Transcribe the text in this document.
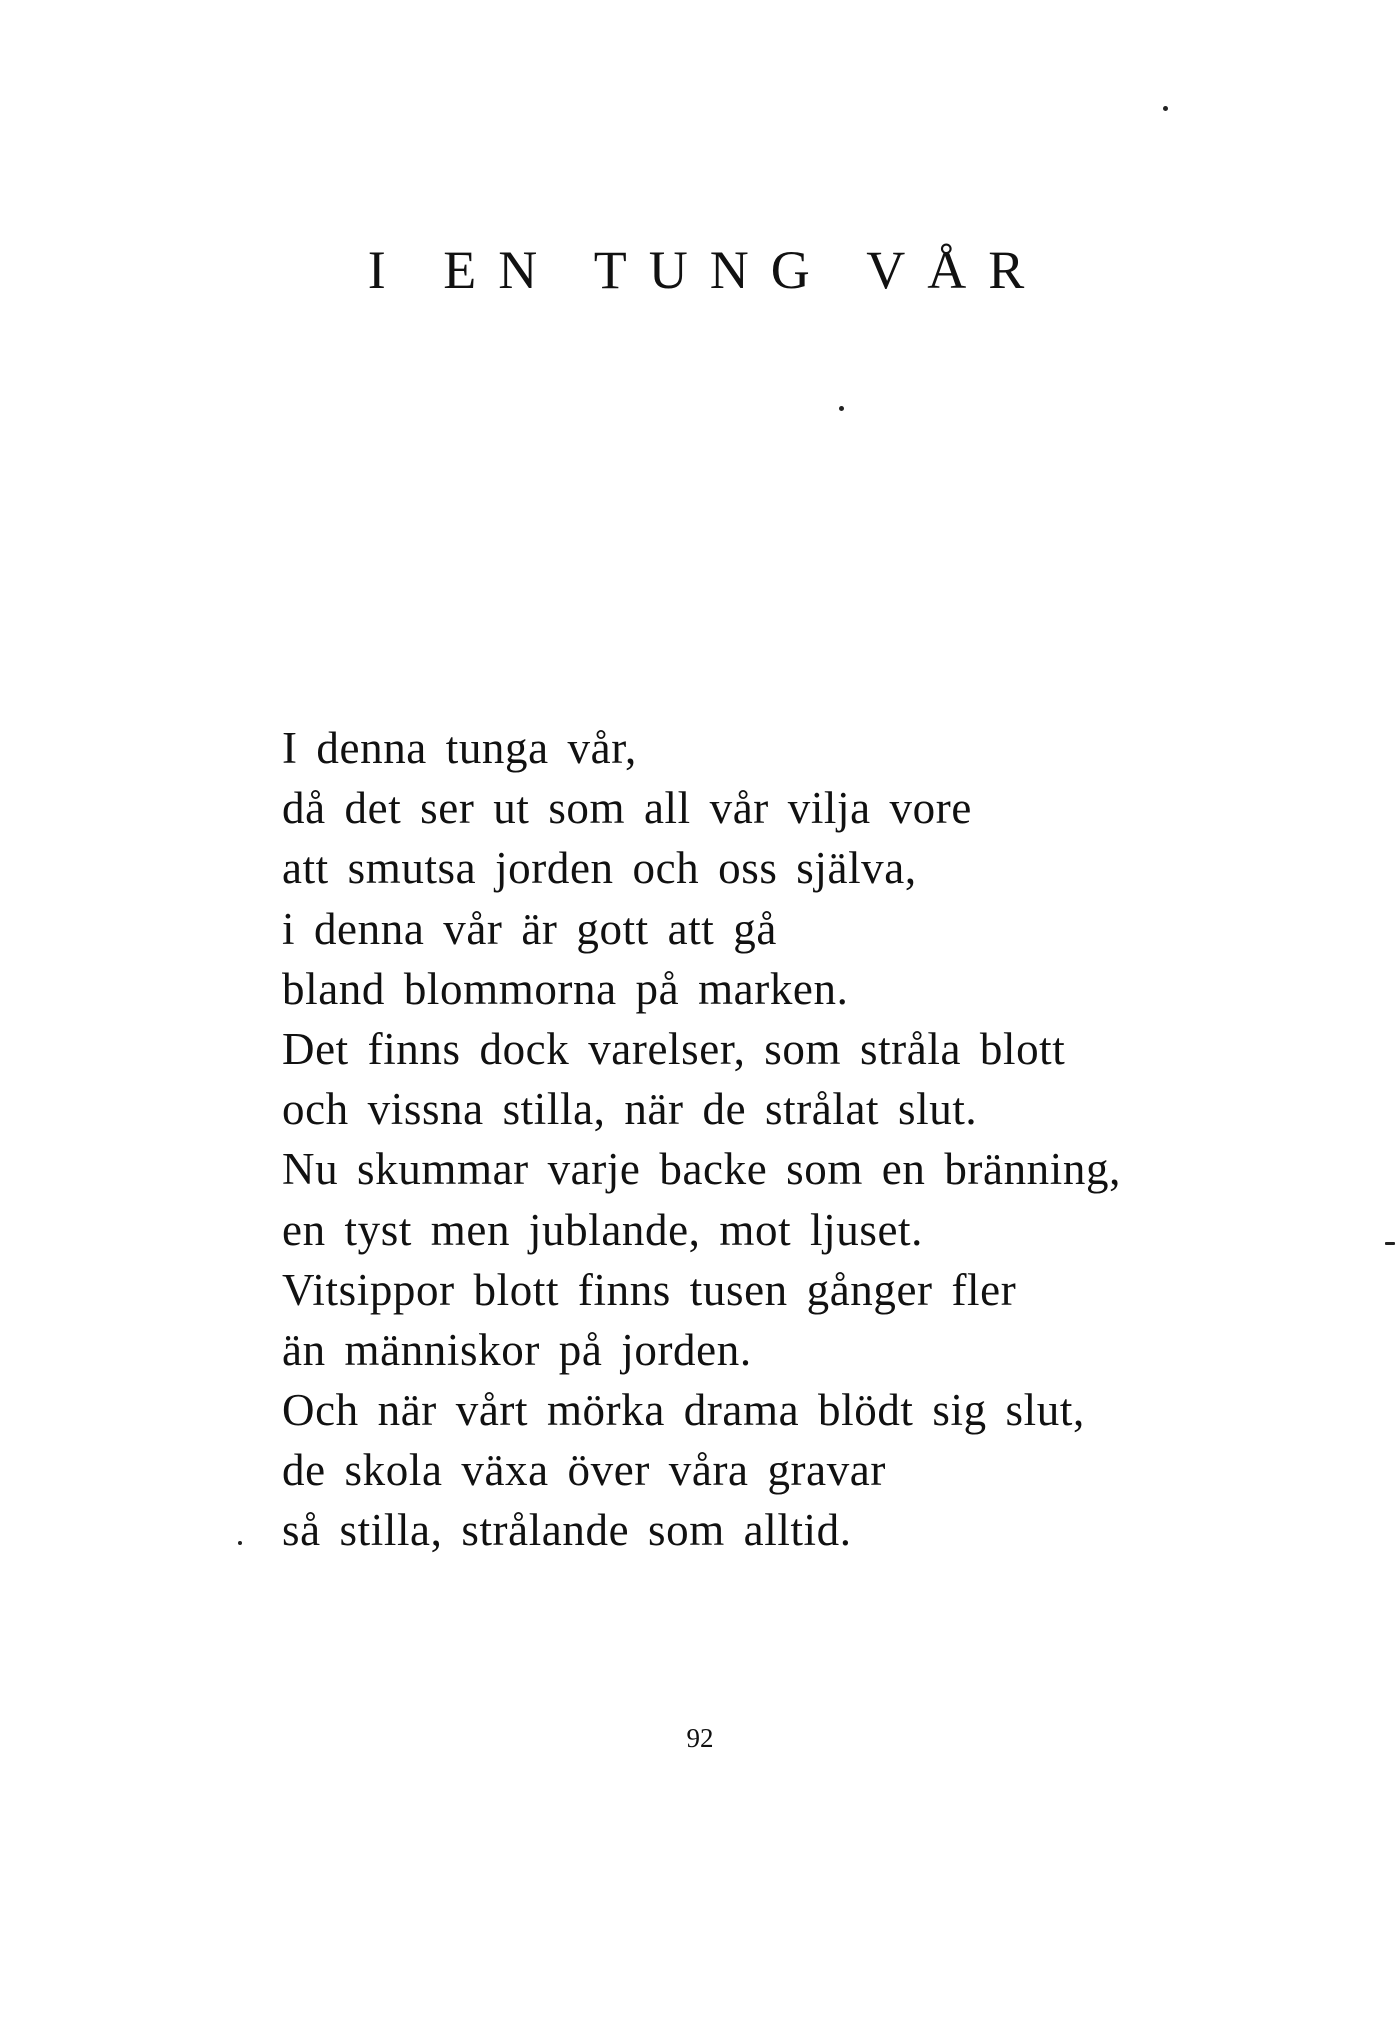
I EN TUNG VÅR
I denna tunga vår,
då det ser ut som all vår vilja vore
att smutsa jorden och oss själva,
i denna vår är gott att gå
bland blommorna på marken.
Det finns dock varelser, som stråla blott
och vissna stilla, när de strålat slut.
Nu skummar varje backe som en bränning,
en tyst men jublande, mot ljuset.
Vitsippor blott finns tusen gånger fler
än människor på jorden.
Och när vårt mörka drama blödt sig slut,
de skola växa över våra gravar
så stilla, strålande som alltid.
92
